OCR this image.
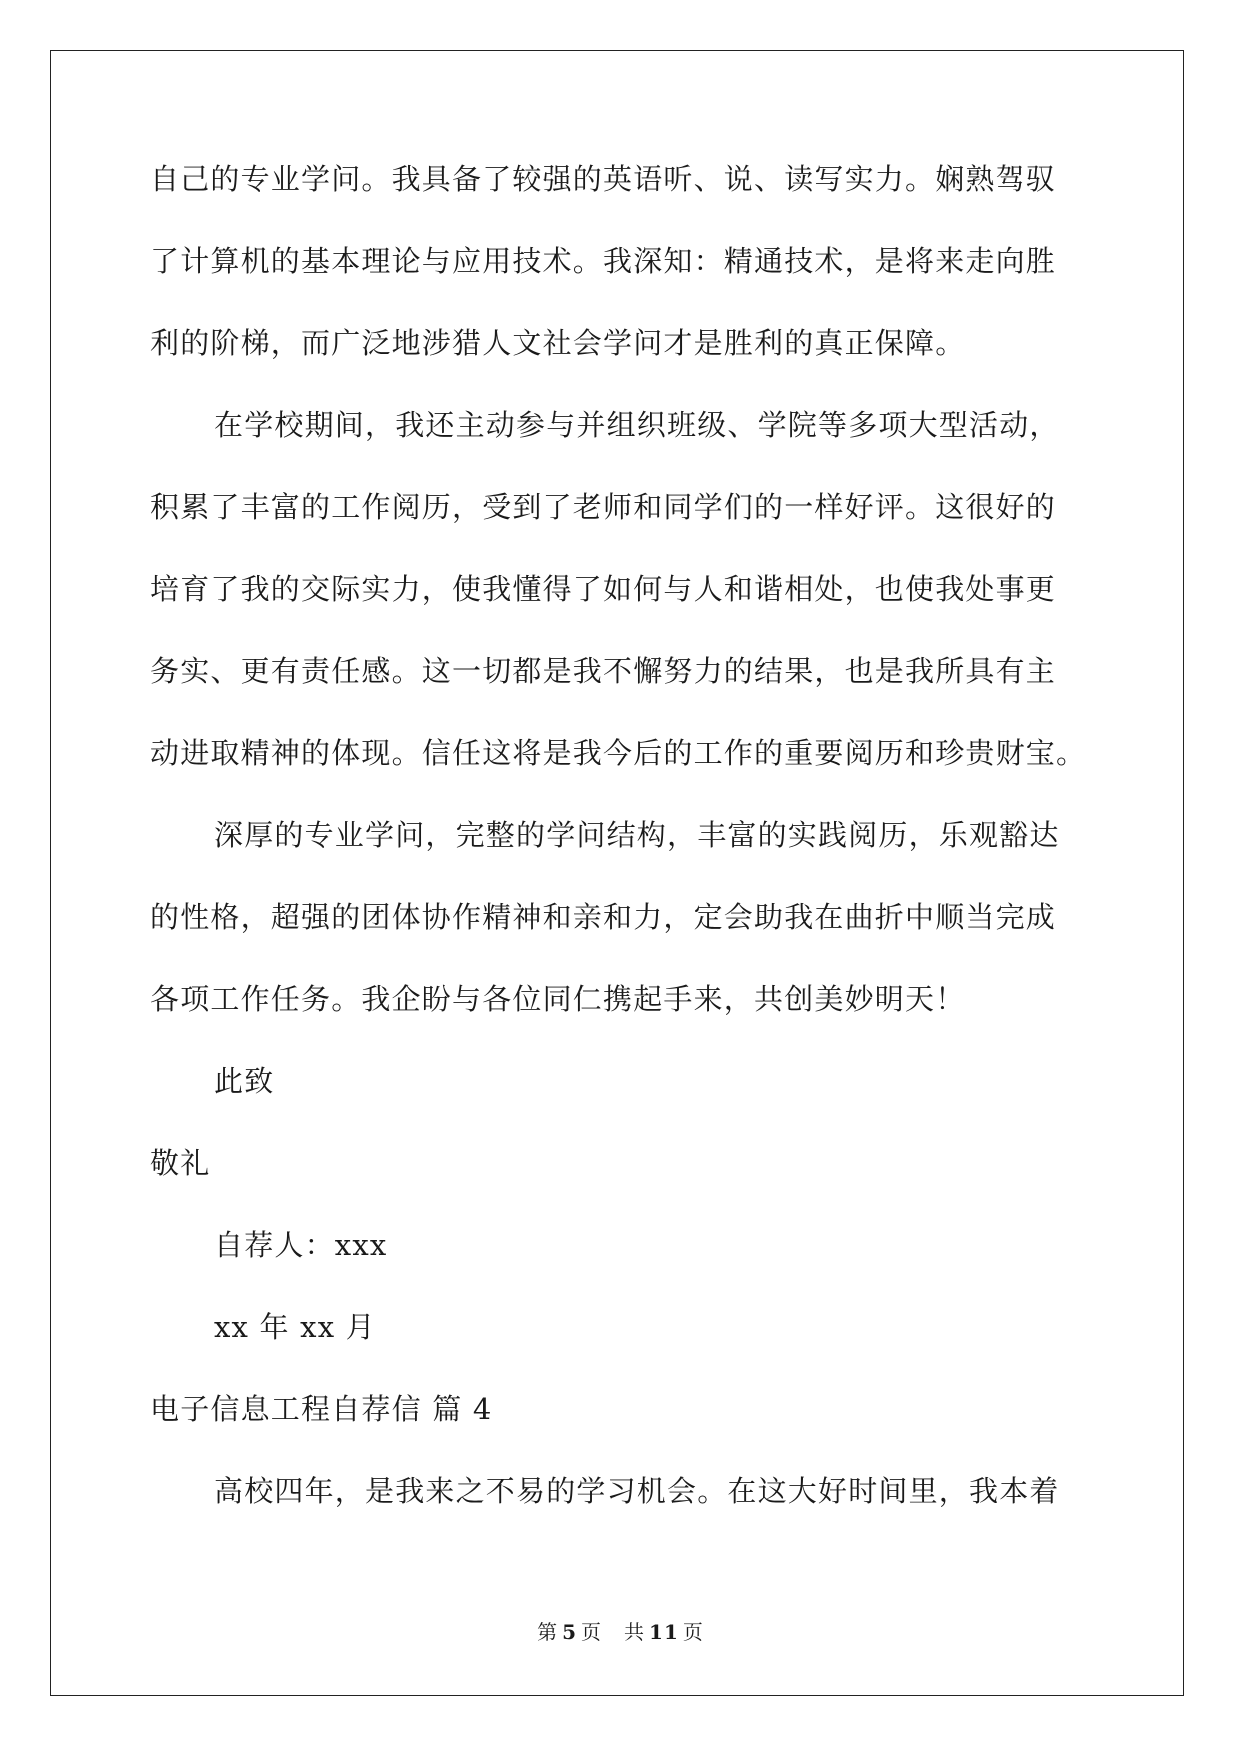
自己的专业学问。我具备了较强的英语听、说、读写实力。娴熟驾驭
了计算机的基本理论与应用技术。我深知：精通技术，是将来走向胜
利的阶梯，而广泛地涉猎人文社会学问才是胜利的真正保障。
在学校期间，我还主动参与并组织班级、学院等多项大型活动，
积累了丰富的工作阅历，受到了老师和同学们的一样好评。这很好的
培育了我的交际实力，使我懂得了如何与人和谐相处，也使我处事更
务实、更有责任感。这一切都是我不懈努力的结果，也是我所具有主
动进取精神的体现。信任这将是我今后的工作的重要阅历和珍贵财宝。
深厚的专业学问，完整的学问结构，丰富的实践阅历，乐观豁达
的性格，超强的团体协作精神和亲和力，定会助我在曲折中顺当完成
各项工作任务。我企盼与各位同仁携起手来，共创美妙明天！
此致
敬礼
自荐人：xxx
xx 年 xx 月
电子信息工程自荐信 篇 4
高校四年，是我来之不易的学习机会。在这大好时间里，我本着
第 5 页 共 11 页
